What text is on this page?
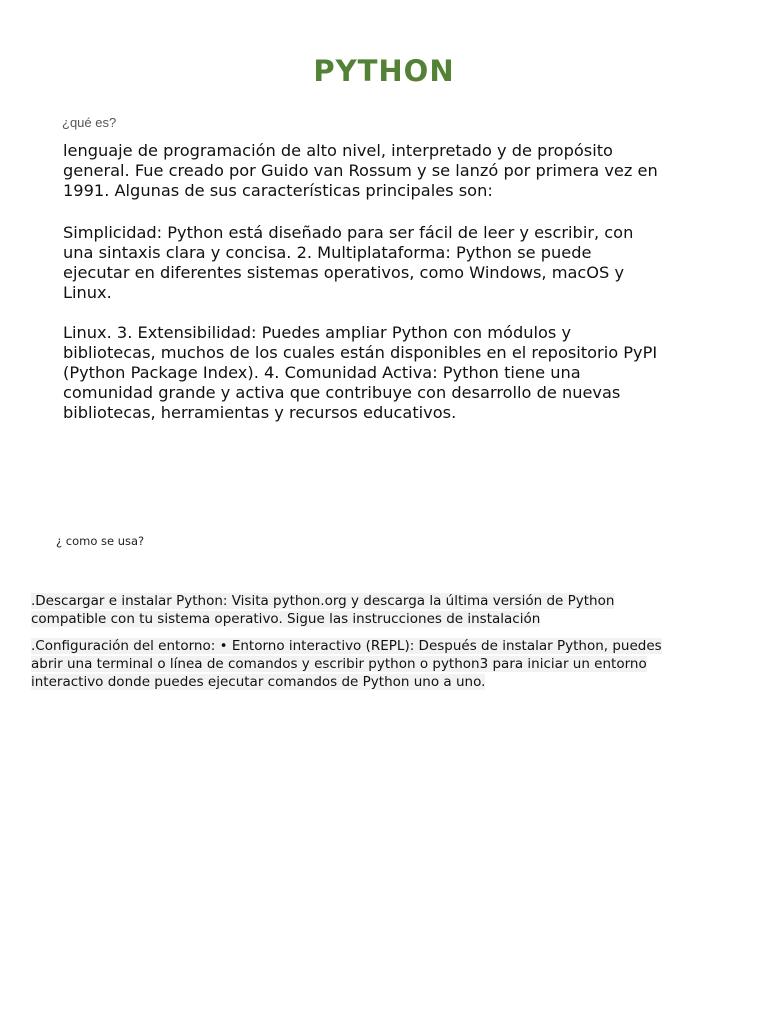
PYTHON

¿qué es?

lenguaje de programación de alto nivel, interpretado y de propósito general. Fue creado por Guido van Rossum y se lanzó por primera vez en 1991. Algunas de sus características principales son:

Simplicidad: Python está diseñado para ser fácil de leer y escribir, con una sintaxis clara y concisa. 2. Multiplataforma: Python se puede ejecutar en diferentes sistemas operativos, como Windows, macOS y Linux.

Linux. 3. Extensibilidad: Puedes ampliar Python con módulos y bibliotecas, muchos de los cuales están disponibles en el repositorio PyPI (Python Package Index). 4. Comunidad Activa: Python tiene una comunidad grande y activa que contribuye con desarrollo de nuevas bibliotecas, herramientas y recursos educativos.

¿ como se usa?

.Descargar e instalar Python: Visita python.org y descarga la última versión de Python compatible con tu sistema operativo. Sigue las instrucciones de instalación

.Configuración del entorno: • Entorno interactivo (REPL): Después de instalar Python, puedes abrir una terminal o línea de comandos y escribir python o python3 para iniciar un entorno interactivo donde puedes ejecutar comandos de Python uno a uno.
